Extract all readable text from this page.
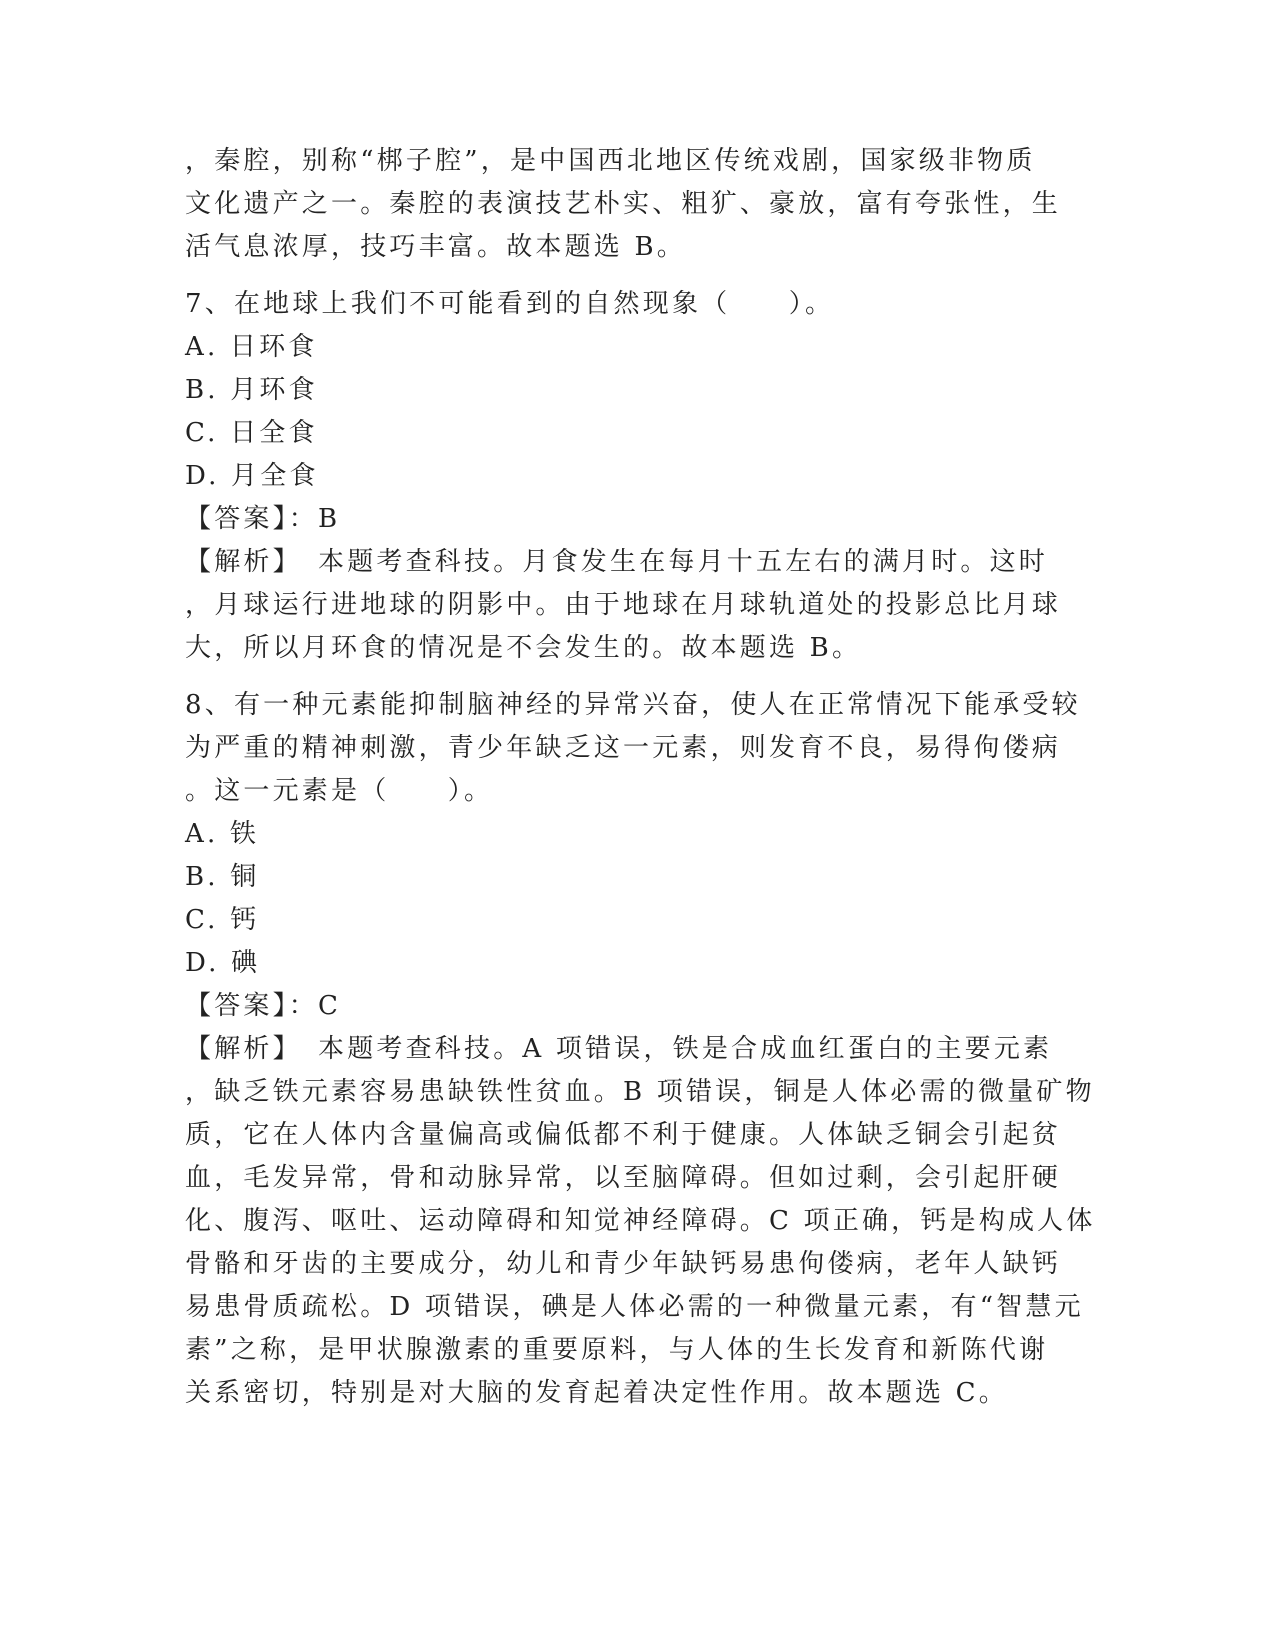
，秦腔，别称“梆子腔”，是中国西北地区传统戏剧，国家级非物质
文化遗产之一。秦腔的表演技艺朴实、粗犷、豪放，富有夸张性，生
活气息浓厚，技巧丰富。故本题选 B。
7、在地球上我们不可能看到的自然现象（　　）。
A. 日环食
B. 月环食
C. 日全食
D. 月全食
【答案】：B
【解析】　本题考查科技。月食发生在每月十五左右的满月时。这时
，月球运行进地球的阴影中。由于地球在月球轨道处的投影总比月球
大，所以月环食的情况是不会发生的。故本题选 B。
8、有一种元素能抑制脑神经的异常兴奋，使人在正常情况下能承受较
为严重的精神刺激，青少年缺乏这一元素，则发育不良，易得佝偻病
。这一元素是（　　）。
A. 铁
B. 铜
C. 钙
D. 碘
【答案】：C
【解析】　本题考查科技。A 项错误，铁是合成血红蛋白的主要元素
，缺乏铁元素容易患缺铁性贫血。B 项错误，铜是人体必需的微量矿物
质，它在人体内含量偏高或偏低都不利于健康。人体缺乏铜会引起贫
血，毛发异常，骨和动脉异常，以至脑障碍。但如过剩，会引起肝硬
化、腹泻、呕吐、运动障碍和知觉神经障碍。C 项正确，钙是构成人体
骨骼和牙齿的主要成分，幼儿和青少年缺钙易患佝偻病，老年人缺钙
易患骨质疏松。D 项错误，碘是人体必需的一种微量元素，有“智慧元
素”之称，是甲状腺激素的重要原料，与人体的生长发育和新陈代谢
关系密切，特别是对大脑的发育起着决定性作用。故本题选 C。
